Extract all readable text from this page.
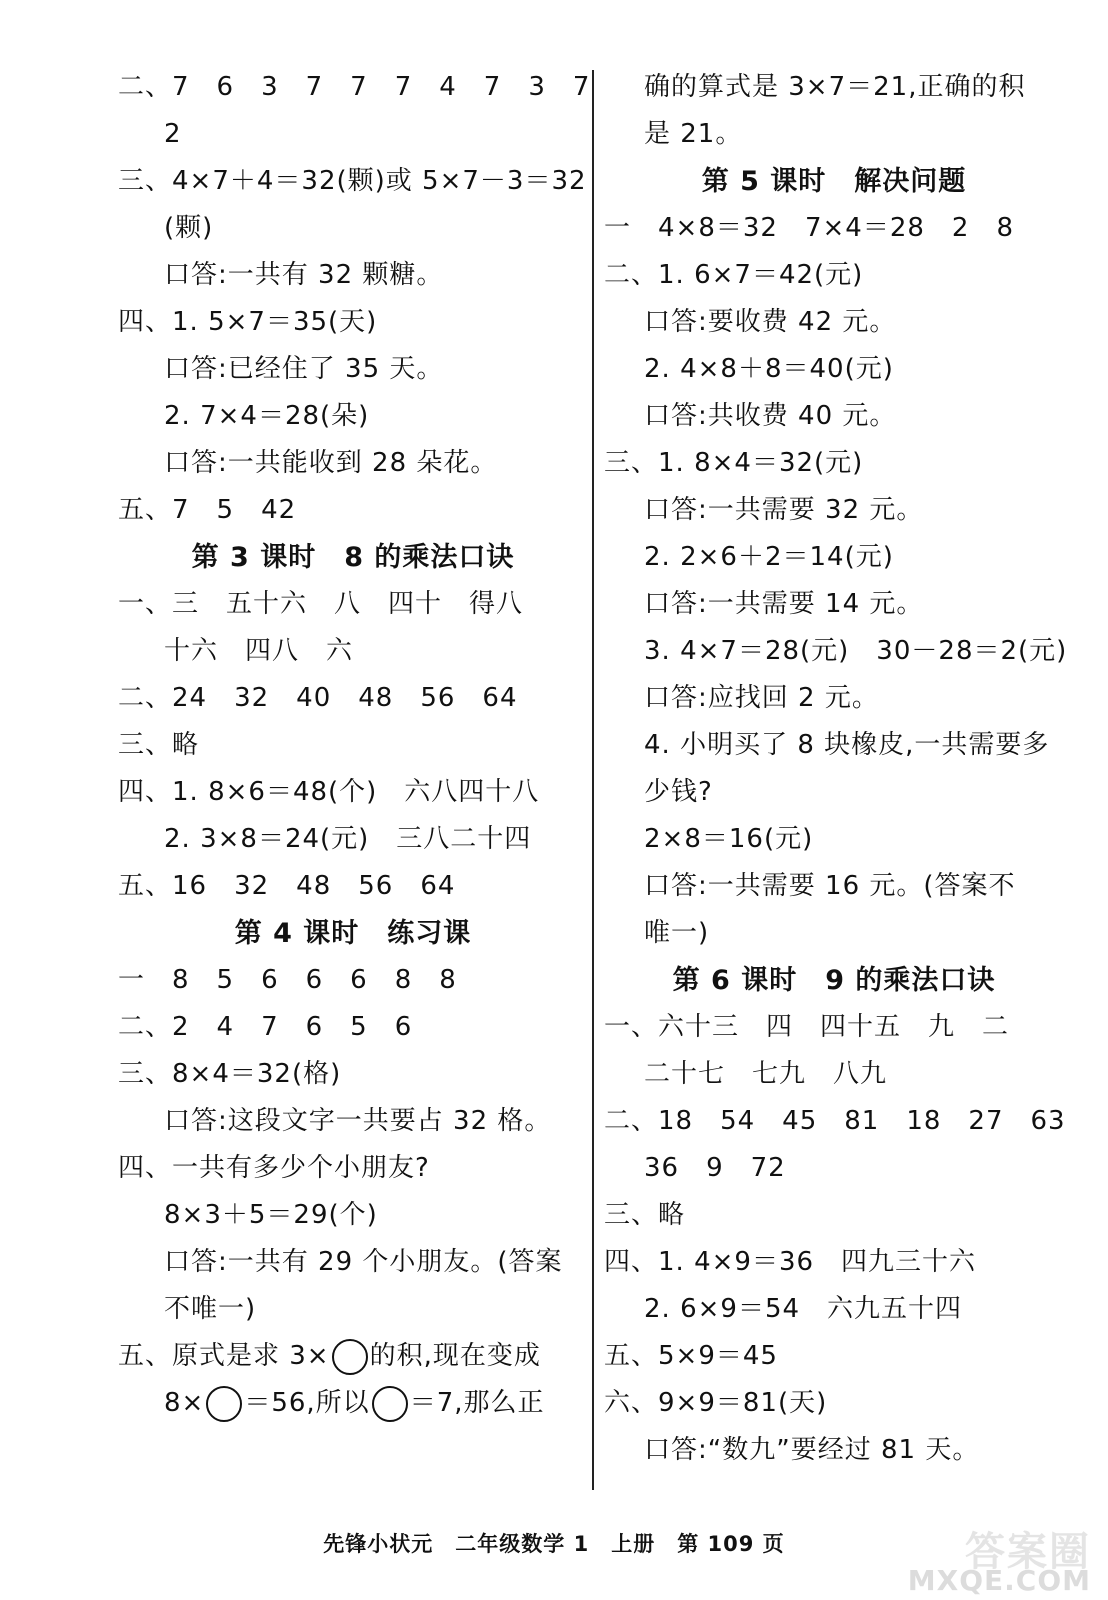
二、7　6　3　7　7　7　4　7　3　7
2
三、4×7＋4＝32(颗)或 5×7－3＝32
(颗)
口答:一共有 32 颗糖。
四、1. 5×7＝35(天)
口答:已经住了 35 天。
2. 7×4＝28(朵)
口答:一共能收到 28 朵花。
五、7　5　42
第 3 课时　8 的乘法口诀
一、三　五十六　八　四十　得八
十六　四八　六
二、24　32　40　48　56　64
三、略
四、1. 8×6＝48(个)　六八四十八
2. 3×8＝24(元)　三八二十四
五、16　32　48　56　64
第 4 课时　练习课
一　8　5　6　6　6　8　8
二、2　4　7　6　5　6
三、8×4＝32(格)
口答:这段文字一共要占 32 格。
四、一共有多少个小朋友?
8×3＋5＝29(个)
口答:一共有 29 个小朋友。(答案
不唯一)
五、原式是求 3× 的积,现在变成
8× ＝56,所以 ＝7,那么正
确的算式是 3×7＝21,正确的积
是 21。
第 5 课时　解决问题
一　4×8＝32　7×4＝28　2　8
二、1. 6×7＝42(元)
口答:要收费 42 元。
2. 4×8＋8＝40(元)
口答:共收费 40 元。
三、1. 8×4＝32(元)
口答:一共需要 32 元。
2. 2×6＋2＝14(元)
口答:一共需要 14 元。
3. 4×7＝28(元)　30－28＝2(元)
口答:应找回 2 元。
4. 小明买了 8 块橡皮,一共需要多
少钱?
2×8＝16(元)
口答:一共需要 16 元。(答案不
唯一)
第 6 课时　9 的乘法口诀
一、六十三　四　四十五　九　二
二十七　七九　八九
二、18　54　45　81　18　27　63
36　9　72
三、略
四、1. 4×9＝36　四九三十六
2. 6×9＝54　六九五十四
五、5×9＝45
六、9×9＝81(天)
口答:“数九”要经过 81 天。
先锋小状元　二年级数学 1　上册　第 109 页	答案圈
MXQE.COM
